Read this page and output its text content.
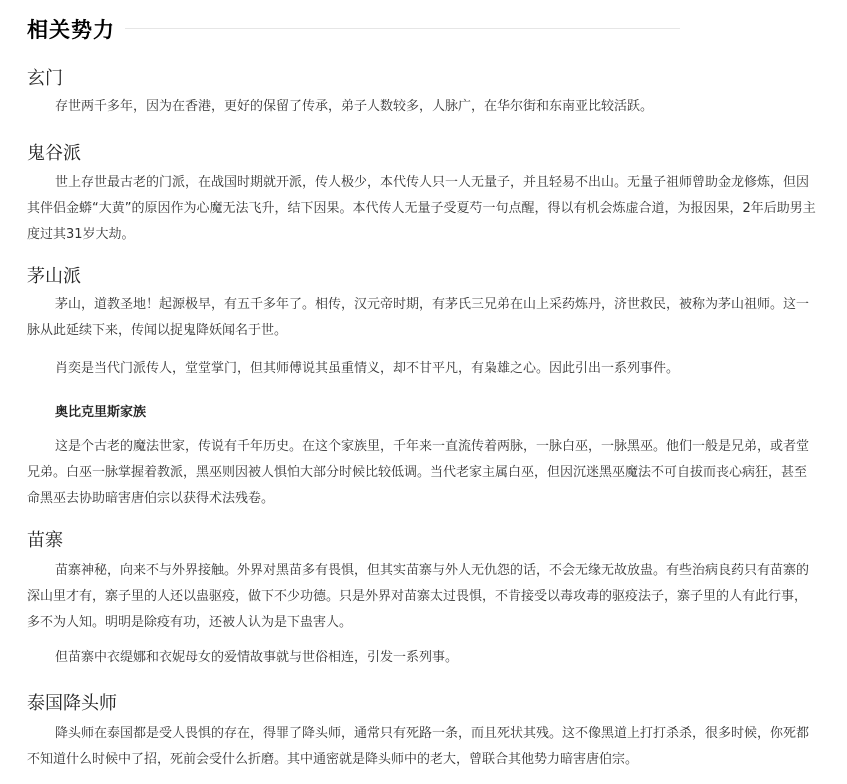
相关势力
玄门

存世两千多年，因为在香港，更好的保留了传承，弟子人数较多，人脉广，在华尔街和东南亚比较活跃。

鬼谷派

世上存世最古老的门派，在战国时期就开派，传人极少，本代传人只一人无量子，并且轻易不出山。无量子祖师曾助金龙修炼，但因其伴侣金蟒“大黄”的原因作为心魔无法飞升，结下因果。本代传人无量子受夏芍一句点醒，得以有机会炼虚合道，为报因果，2年后助男主度过其31岁大劫。

茅山派

茅山，道教圣地！起源极早，有五千多年了。相传，汉元帝时期，有茅氏三兄弟在山上采药炼丹，济世救民，被称为茅山祖师。这一脉从此延续下来，传闻以捉鬼降妖闻名于世。

肖奕是当代门派传人，堂堂掌门，但其师傅说其虽重情义，却不甘平凡，有枭雄之心。因此引出一系列事件。

奥比克里斯家族

这是个古老的魔法世家，传说有千年历史。在这个家族里，千年来一直流传着两脉，一脉白巫，一脉黑巫。他们一般是兄弟，或者堂兄弟。白巫一脉掌握着教派，黑巫则因被人惧怕大部分时候比较低调。当代老家主属白巫，但因沉迷黑巫魔法不可自拔而丧心病狂，甚至命黑巫去协助暗害唐伯宗以获得术法残卷。

苗寨

苗寨神秘，向来不与外界接触。外界对黑苗多有畏惧，但其实苗寨与外人无仇怨的话，不会无缘无故放蛊。有些治病良药只有苗寨的深山里才有，寨子里的人还以蛊驱疫，做下不少功德。只是外界对苗寨太过畏惧，不肯接受以毒攻毒的驱疫法子，寨子里的人有此行事，多不为人知。明明是除疫有功，还被人认为是下蛊害人。

但苗寨中衣缇娜和衣妮母女的爱情故事就与世俗相连，引发一系列事。

泰国降头师

降头师在泰国都是受人畏惧的存在，得罪了降头师，通常只有死路一条，而且死状其残。这不像黑道上打打杀杀，很多时候，你死都不知道什么时候中了招，死前会受什么折磨。其中通密就是降头师中的老大，曾联合其他势力暗害唐伯宗。
